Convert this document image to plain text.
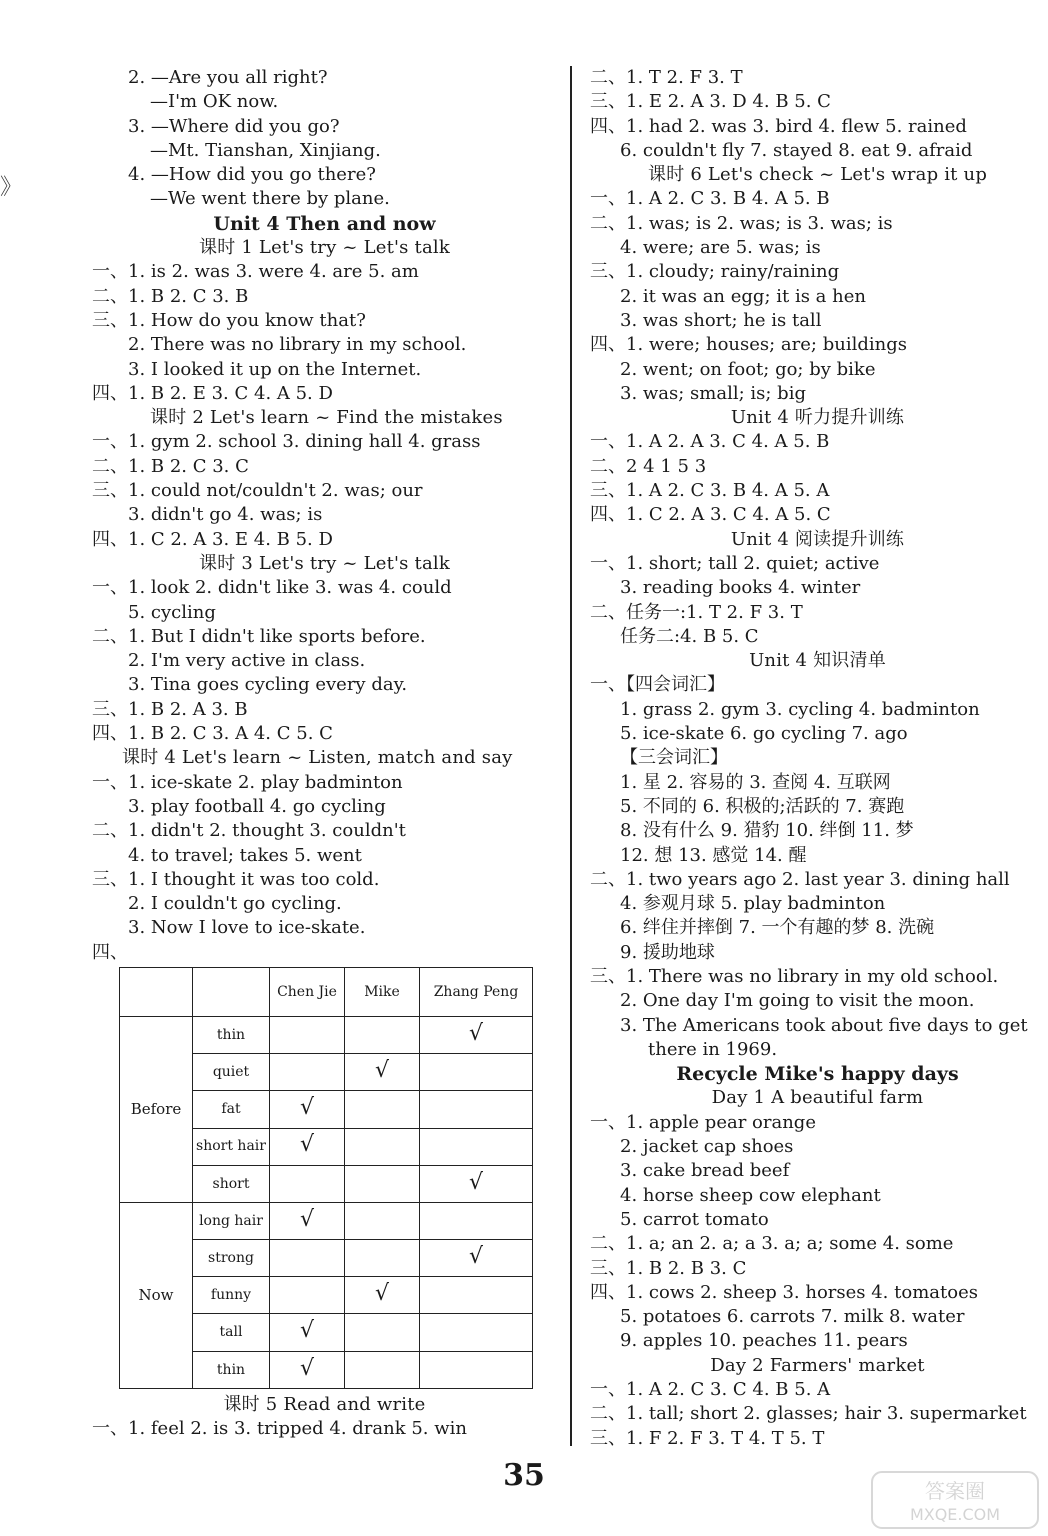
》
2. —Are you all right?
—I'm OK now.
3. —Where did you go?
—Mt. Tianshan, Xinjiang.
4. —How did you go there?
—We went there by plane.
Unit 4 Then and now
课时 1 Let's try ~ Let's talk
一、1. is 2. was 3. were 4. are 5. am
二、1. B 2. C 3. B
三、1. How do you know that?
2. There was no library in my school.
3. I looked it up on the Internet.
四、1. B 2. E 3. C 4. A 5. D
课时 2 Let's learn ~ Find the mistakes
一、1. gym 2. school 3. dining hall 4. grass
二、1. B 2. C 3. C
三、1. could not/couldn't 2. was; our
3. didn't go 4. was; is
四、1. C 2. A 3. E 4. B 5. D
课时 3 Let's try ~ Let's talk
一、1. look 2. didn't like 3. was 4. could
5. cycling
二、1. But I didn't like sports before.
2. I'm very active in class.
3. Tina goes cycling every day.
三、1. B 2. A 3. B
四、1. B 2. C 3. A 4. C 5. C
课时 4 Let's learn ~ Listen, match and say
一、1. ice-skate 2. play badminton
3. play football 4. go cycling
二、1. didn't 2. thought 3. couldn't
4. to travel; takes 5. went
三、1. I thought it was too cold.
2. I couldn't go cycling.
3. Now I love to ice-skate.
四、
		Chen Jie	Mike	Zhang Peng
Before	thin			√
	quiet		√	
	fat	√		
	short hair	√		
	short			√
Now	long hair	√		
	strong			√
	funny		√	
	tall	√		
	thin	√		
课时 5 Read and write
一、1. feel 2. is 3. tripped 4. drank 5. win
二、1. T 2. F 3. T
三、1. E 2. A 3. D 4. B 5. C
四、1. had 2. was 3. bird 4. flew 5. rained
6. couldn't fly 7. stayed 8. eat 9. afraid
课时 6 Let's check ~ Let's wrap it up
一、1. A 2. C 3. B 4. A 5. B
二、1. was; is 2. was; is 3. was; is
4. were; are 5. was; is
三、1. cloudy; rainy/raining
2. it was an egg; it is a hen
3. was short; he is tall
四、1. were; houses; are; buildings
2. went; on foot; go; by bike
3. was; small; is; big
Unit 4 听力提升训练
一、1. A 2. A 3. C 4. A 5. B
二、2 4 1 5 3
三、1. A 2. C 3. B 4. A 5. A
四、1. C 2. A 3. C 4. A 5. C
Unit 4 阅读提升训练
一、1. short; tall 2. quiet; active
3. reading books 4. winter
二、任务一:1. T 2. F 3. T
任务二:4. B 5. C
Unit 4 知识清单
一、【四会词汇】
1. grass 2. gym 3. cycling 4. badminton
5. ice-skate 6. go cycling 7. ago
【三会词汇】
1. 星 2. 容易的 3. 查阅 4. 互联网
5. 不同的 6. 积极的;活跃的 7. 赛跑
8. 没有什么 9. 猎豹 10. 绊倒 11. 梦
12. 想 13. 感觉 14. 醒
二、1. two years ago 2. last year 3. dining hall
4. 参观月球 5. play badminton
6. 绊住并摔倒 7. 一个有趣的梦 8. 洗碗
9. 援助地球
三、1. There was no library in my old school.
2. One day I'm going to visit the moon.
3. The Americans took about five days to get
there in 1969.
Recycle Mike's happy days
Day 1 A beautiful farm
一、1. apple pear orange
2. jacket cap shoes
3. cake bread beef
4. horse sheep cow elephant
5. carrot tomato
二、1. a; an 2. a; a 3. a; a; some 4. some
三、1. B 2. B 3. C
四、1. cows 2. sheep 3. horses 4. tomatoes
5. potatoes 6. carrots 7. milk 8. water
9. apples 10. peaches 11. pears
Day 2 Farmers' market
一、1. A 2. C 3. C 4. B 5. A
二、1. tall; short 2. glasses; hair 3. supermarket
三、1. F 2. F 3. T 4. T 5. T
35	答案圈
MXQE.COM
